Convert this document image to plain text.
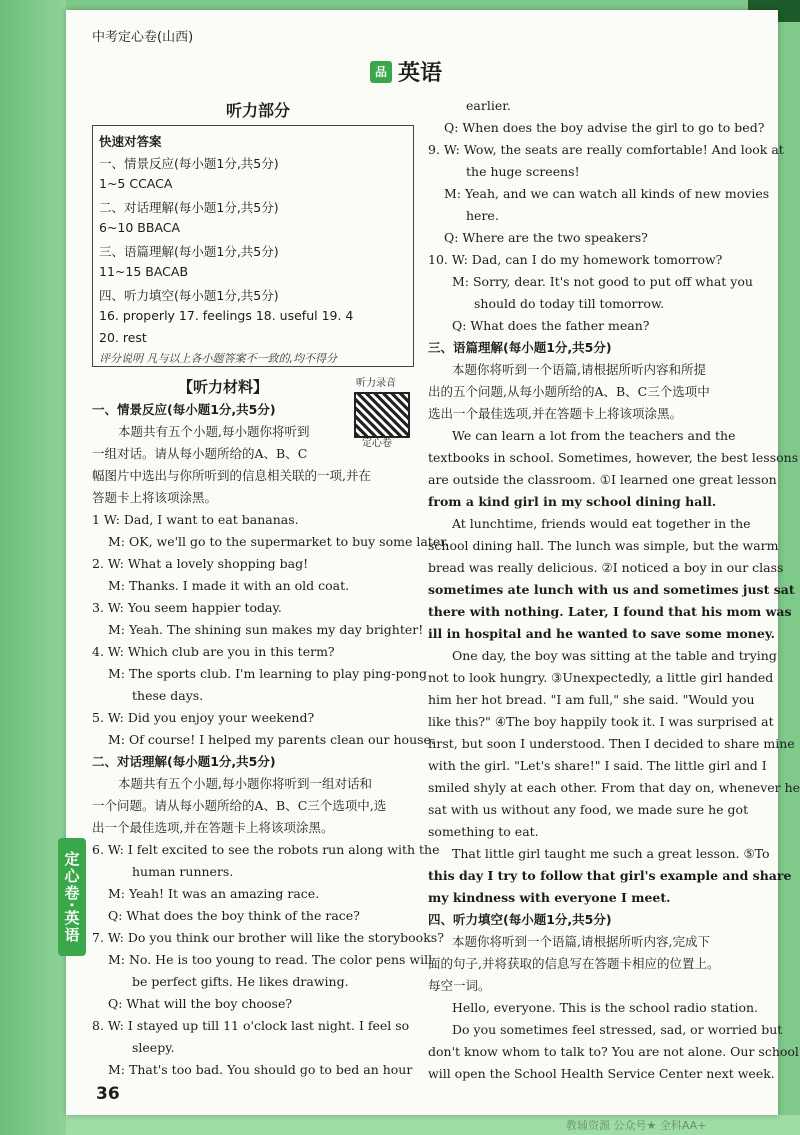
定心卷·英语
中考定心卷(山西)
品 英语
听力部分
快速对答案
一、情景反应(每小题1分,共5分)
1~5 CCACA
二、对话理解(每小题1分,共5分)
6~10 BBACA
三、语篇理解(每小题1分,共5分)
11~15 BACAB
四、听力填空(每小题1分,共5分)
16. properly 17. feelings 18. useful 19. 4
20. rest
评分说明 凡与以上各小题答案不一致的,均不得分
【听力材料】	听力录音
定心卷
一、情景反应(每小题1分,共5分)
本题共有五个小题,每小题你将听到
一组对话。请从每小题所给的A、B、C
幅图片中选出与你所听到的信息相关联的一项,并在
答题卡上将该项涂黑。
1 W: Dad, I want to eat bananas.
M: OK, we'll go to the supermarket to buy some later.
2. W: What a lovely shopping bag!
M: Thanks. I made it with an old coat.
3. W: You seem happier today.
M: Yeah. The shining sun makes my day brighter!
4. W: Which club are you in this term?
M: The sports club. I'm learning to play ping-pong
these days.
5. W: Did you enjoy your weekend?
M: Of course! I helped my parents clean our house.
二、对话理解(每小题1分,共5分)
本题共有五个小题,每小题你将听到一组对话和
一个问题。请从每小题所给的A、B、C三个选项中,选
出一个最佳选项,并在答题卡上将该项涂黑。
6. W: I felt excited to see the robots run along with the
human runners.
M: Yeah! It was an amazing race.
Q: What does the boy think of the race?
7. W: Do you think our brother will like the storybooks?
M: No. He is too young to read. The color pens will
be perfect gifts. He likes drawing.
Q: What will the boy choose?
8. W: I stayed up till 11 o'clock last night. I feel so
sleepy.
M: That's too bad. You should go to bed an hour
earlier.
Q: When does the boy advise the girl to go to bed?
9. W: Wow, the seats are really comfortable! And look at
the huge screens!
M: Yeah, and we can watch all kinds of new movies
here.
Q: Where are the two speakers?
10. W: Dad, can I do my homework tomorrow?
M: Sorry, dear. It's not good to put off what you
should do today till tomorrow.
Q: What does the father mean?
三、语篇理解(每小题1分,共5分)
本题你将听到一个语篇,请根据所听内容和所提
出的五个问题,从每小题所给的A、B、C三个选项中
选出一个最佳选项,并在答题卡上将该项涂黑。
We can learn a lot from the teachers and the
textbooks in school. Sometimes, however, the best lessons
are outside the classroom. ①I learned one great lesson
from a kind girl in my school dining hall.
At lunchtime, friends would eat together in the
school dining hall. The lunch was simple, but the warm
bread was really delicious. ②I noticed a boy in our class
sometimes ate lunch with us and sometimes just sat
there with nothing. Later, I found that his mom was
ill in hospital and he wanted to save some money.
One day, the boy was sitting at the table and trying
not to look hungry. ③Unexpectedly, a little girl handed
him her hot bread. "I am full," she said. "Would you
like this?" ④The boy happily took it. I was surprised at
first, but soon I understood. Then I decided to share mine
with the girl. "Let's share!" I said. The little girl and I
smiled shyly at each other. From that day on, whenever he
sat with us without any food, we made sure he got
something to eat.
That little girl taught me such a great lesson. ⑤To
this day I try to follow that girl's example and share
my kindness with everyone I meet.
四、听力填空(每小题1分,共5分)
本题你将听到一个语篇,请根据所听内容,完成下
面的句子,并将获取的信息写在答题卡相应的位置上。
每空一词。
Hello, everyone. This is the school radio station.
Do you sometimes feel stressed, sad, or worried but
don't know whom to talk to? You are not alone. Our school
will open the School Health Service Center next week.
36
教辅资源 公众号★ 全科AA+
